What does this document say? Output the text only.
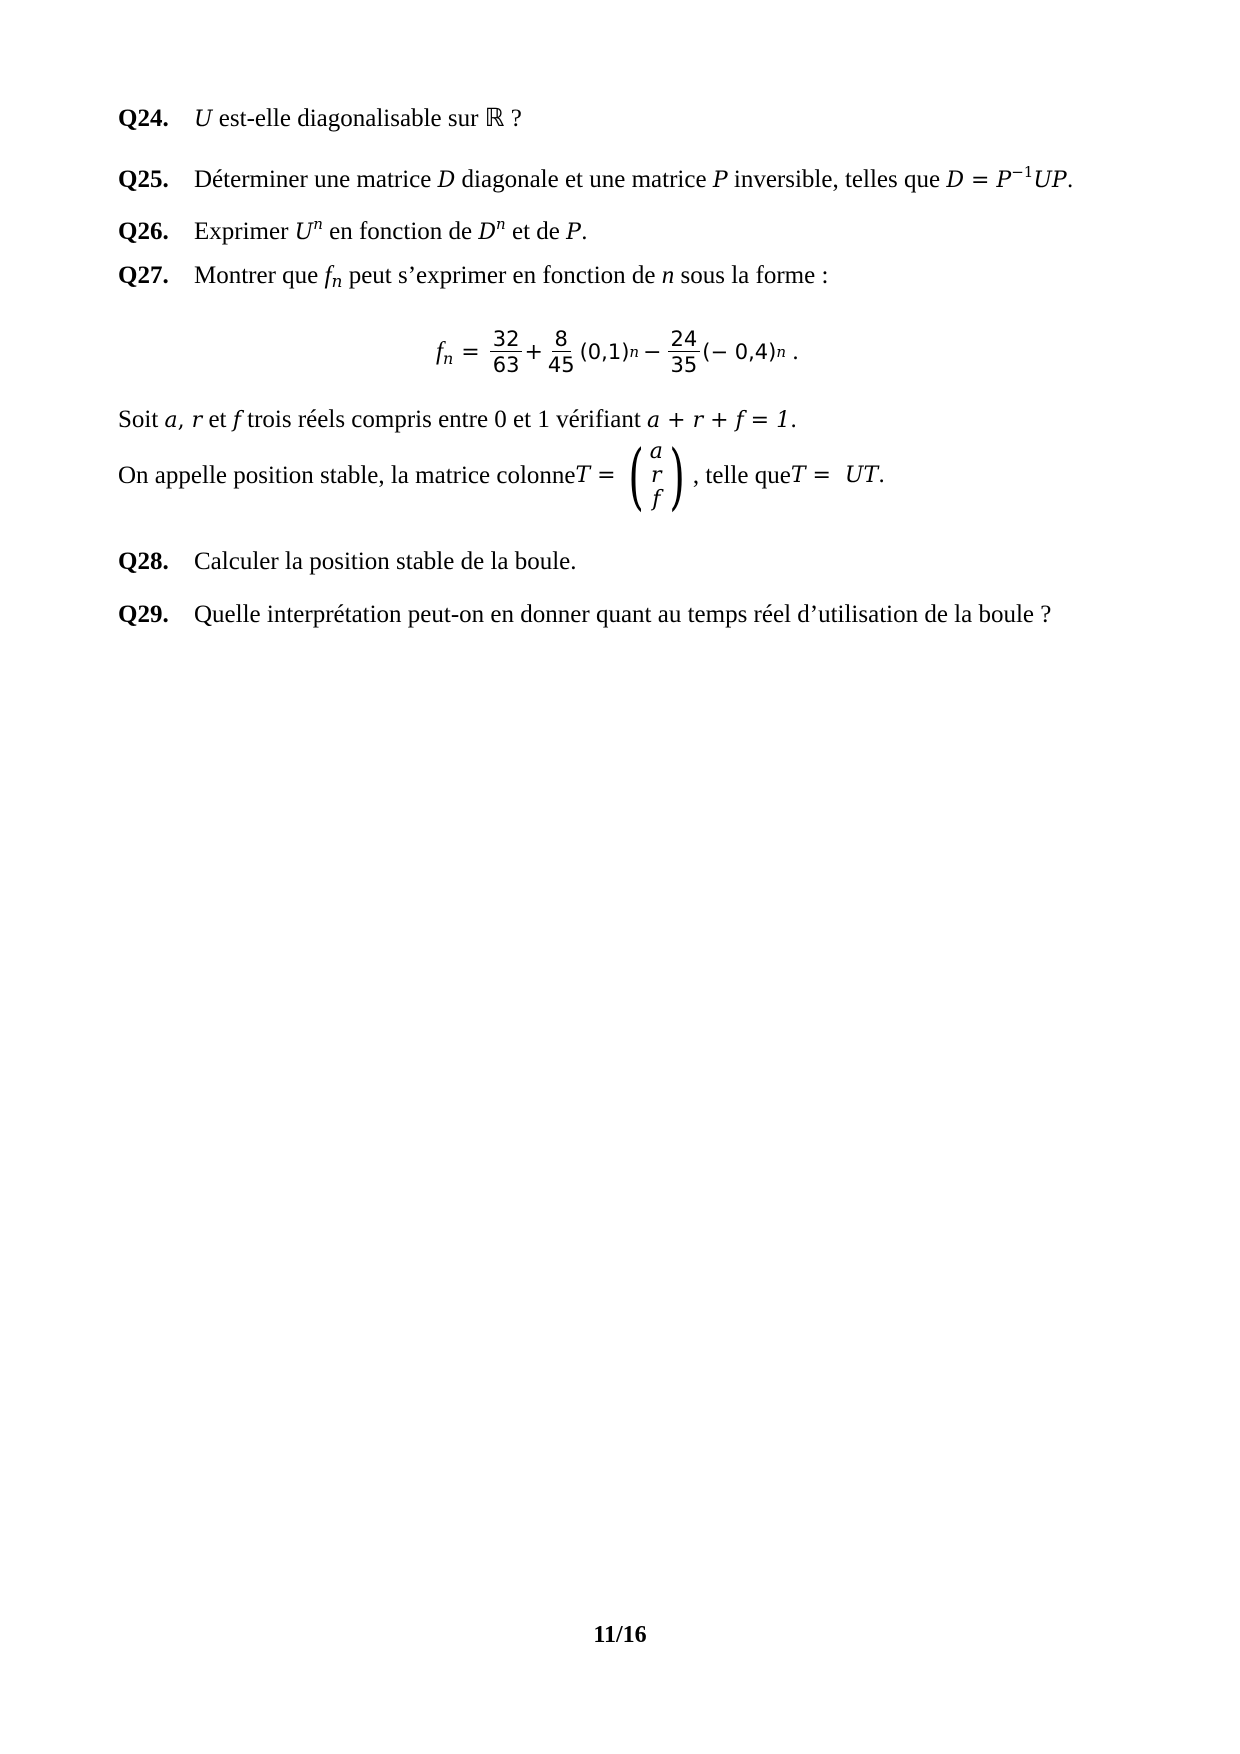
Q24. U est-elle diagonalisable sur ℝ ?
Q25. Déterminer une matrice D diagonale et une matrice P inversible, telles que $D = P^{-1}UP$.
Q26. Exprimer $U^n$ en fonction de $D^n$ et de P.
Q27. Montrer que fn peut s’exprimer en fonction de n sous la forme :
f $n = \frac{32}{63} + \frac{8}{45} (0,1) n - \frac{24}{35}$ (− 0,4) n .
Soit a, r et f trois réels compris entre 0 et 1 vérifiant a + r + f = 1.
On appelle position stable, la matrice colonne T = ( a
r
f ) , telle que T =  UT .
Q28. Calculer la position stable de la boule.
Q29. Quelle interprétation peut-on en donner quant au temps réel d’utilisation de la boule ?
11/16
